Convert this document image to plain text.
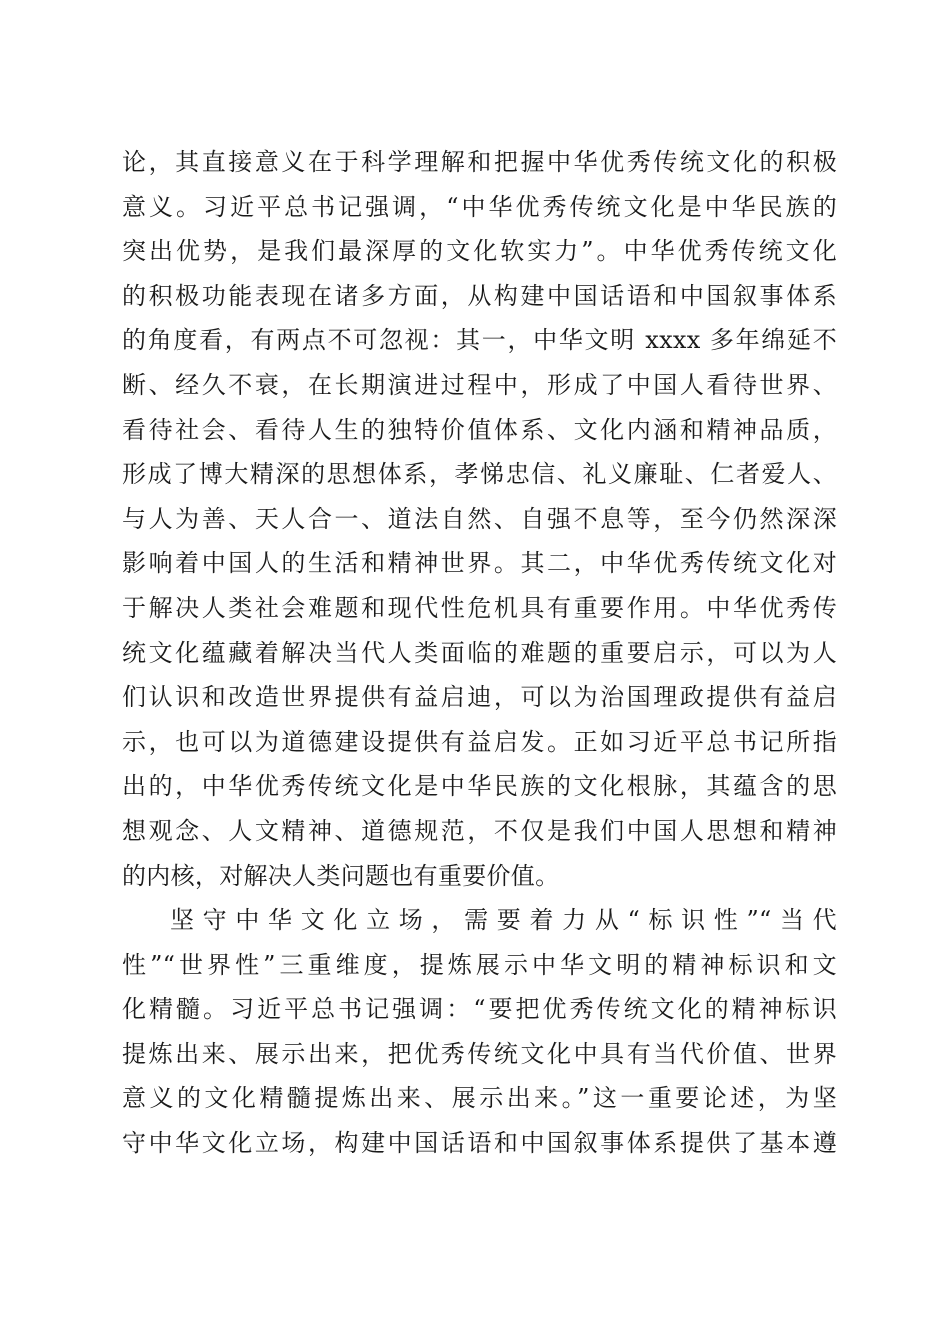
论，其直接意义在于科学理解和把握中华优秀传统文化的积极
意义。习近平总书记强调，“中华优秀传统文化是中华民族的
突出优势，是我们最深厚的文化软实力”。中华优秀传统文化
的积极功能表现在诸多方面，从构建中国话语和中国叙事体系
的角度看，有两点不可忽视：其一，中华文明 xxxx 多年绵延不
断、经久不衰，在长期演进过程中，形成了中国人看待世界、
看待社会、看待人生的独特价值体系、文化内涵和精神品质，
形成了博大精深的思想体系，孝悌忠信、礼义廉耻、仁者爱人、
与人为善、天人合一、道法自然、自强不息等，至今仍然深深
影响着中国人的生活和精神世界。其二，中华优秀传统文化对
于解决人类社会难题和现代性危机具有重要作用。中华优秀传
统文化蕴藏着解决当代人类面临的难题的重要启示，可以为人
们认识和改造世界提供有益启迪，可以为治国理政提供有益启
示，也可以为道德建设提供有益启发。正如习近平总书记所指
出的，中华优秀传统文化是中华民族的文化根脉，其蕴含的思
想观念、人文精神、道德规范，不仅是我们中国人思想和精神
的内核，对解决人类问题也有重要价值。
坚守中华文化立场，需要着力从“标识性”“当代
性”“世界性”三重维度，提炼展示中华文明的精神标识和文
化精髓。习近平总书记强调：“要把优秀传统文化的精神标识
提炼出来、展示出来，把优秀传统文化中具有当代价值、世界
意义的文化精髓提炼出来、展示出来。”这一重要论述，为坚
守中华文化立场，构建中国话语和中国叙事体系提供了基本遵
